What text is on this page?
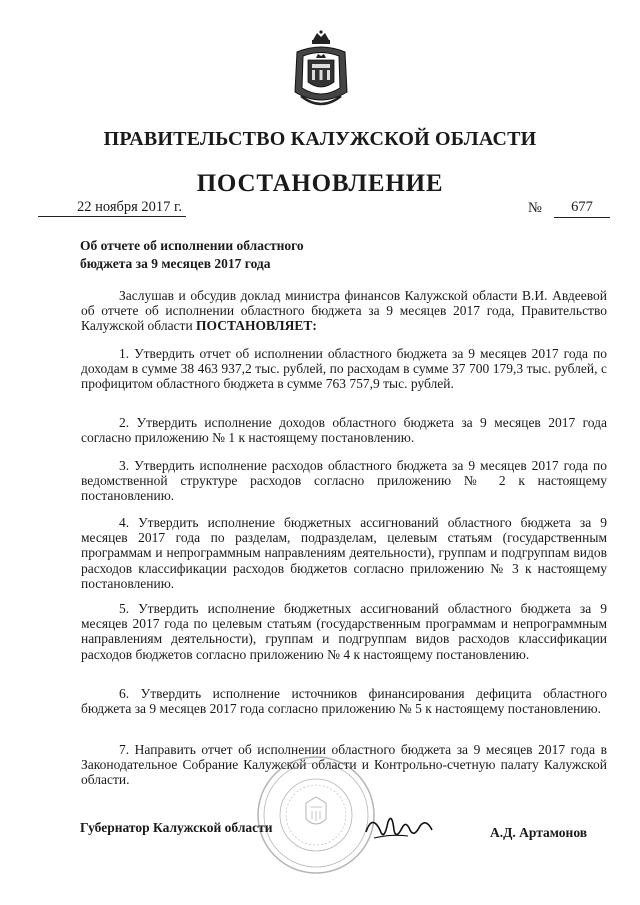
ПРАВИТЕЛЬСТВО КАЛУЖСКОЙ ОБЛАСТИ
ПОСТАНОВЛЕНИЕ
22 ноября 2017 г.	№	677
Об отчете об исполнении областного
бюджета за 9 месяцев 2017 года

Заслушав и обсудив доклад министра финансов Калужской области В.И. Авдеевой об отчете об исполнении областного бюджета за 9 месяцев 2017 года, Правительство Калужской области ПОСТАНОВЛЯЕТ:

1. Утвердить отчет об исполнении областного бюджета за 9 месяцев 2017 года по доходам в сумме 38 463 937,2 тыс. рублей, по расходам в сумме 37 700 179,3 тыс. рублей, с профицитом областного бюджета в сумме 763 757,9 тыс. рублей.

2. Утвердить исполнение доходов областного бюджета за 9 месяцев 2017 года согласно приложению № 1 к настоящему постановлению.

3. Утвердить исполнение расходов областного бюджета за 9 месяцев 2017 года по ведомственной структуре расходов согласно приложению № 2 к настоящему постановлению.

4. Утвердить исполнение бюджетных ассигнований областного бюджета за 9 месяцев 2017 года по разделам, подразделам, целевым статьям (государственным программам и непрограммным направлениям деятельности), группам и подгруппам видов расходов классификации расходов бюджетов согласно приложению № 3 к настоящему постановлению.

5. Утвердить исполнение бюджетных ассигнований областного бюджета за 9 месяцев 2017 года по целевым статьям (государственным программам и непрограммным направлениям деятельности), группам и подгруппам видов расходов классификации расходов бюджетов согласно приложению № 4 к настоящему постановлению.

6. Утвердить исполнение источников финансирования дефицита областного бюджета за 9 месяцев 2017 года согласно приложению № 5 к настоящему постановлению.

7. Направить отчет об исполнении областного бюджета за 9 месяцев 2017 года в Законодательное Собрание Калужской области и Контрольно-счетную палату Калужской области.

Губернатор Калужской области	А.Д. Артамонов
